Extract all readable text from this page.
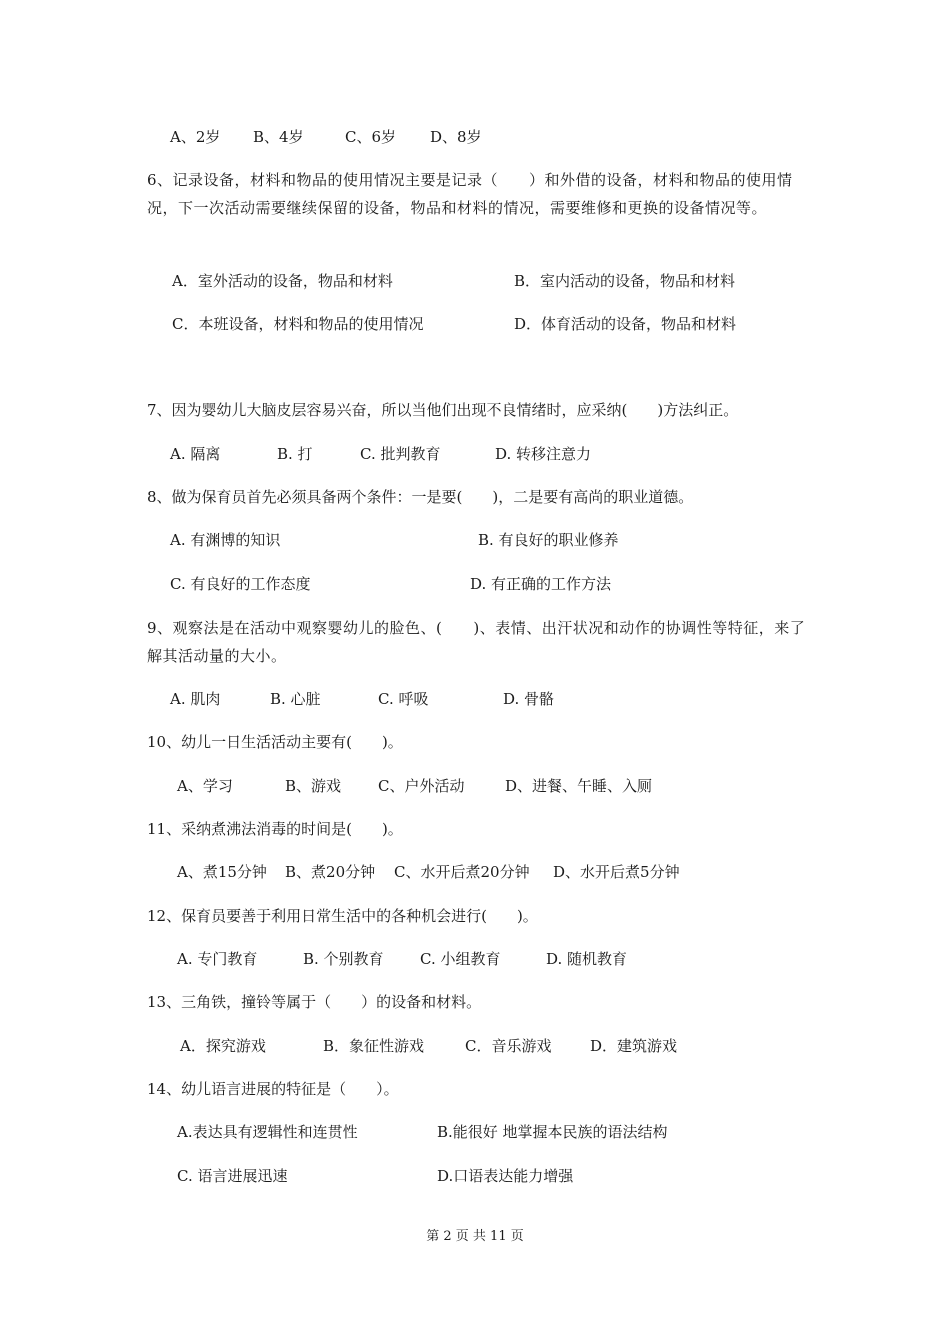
A、2岁 B、4岁	C、6岁 D、8岁
6、记录设备，材料和物品的使用情况主要是记录（　　）和外借的设备，材料和物品的使用情况，下一次活动需要继续保留的设备，物品和材料的情况，需要维修和更换的设备情况等。
A．室外活动的设备，物品和材料	B．室内活动的设备，物品和材料
C．本班设备，材料和物品的使用情况	D．体育活动的设备，物品和材料
7、因为婴幼儿大脑皮层容易兴奋，所以当他们出现不良情绪时，应采纳(　　)方法纠正。
A. 隔离	B. 打	C. 批判教育	D. 转移注意力
8、做为保育员首先必须具备两个条件：一是要(　　)，二是要有高尚的职业道德。
A. 有渊博的知识	B. 有良好的职业修养
C. 有良好的工作态度	D. 有正确的工作方法
9、观察法是在活动中观察婴幼儿的脸色、(　　)、表情、出汗状况和动作的协调性等特征，来了解其活动量的大小。
A. 肌肉	B. 心脏	C. 呼吸	D. 骨骼
10、幼儿一日生活活动主要有(　　)。
A、学习	B、游戏 C、户外活动	D、进餐、午睡、入厕
11、采纳煮沸法消毒的时间是(　　)。
A、煮15分钟 B、煮20分钟 C、水开后煮20分钟 D、水开后煮5分钟
12、保育员要善于利用日常生活中的各种机会进行(　　)。
A. 专门教育	B. 个别教育 C. 小组教育	D. 随机教育
13、三角铁，撞铃等属于（　　）的设备和材料。
A．探究游戏	B．象征性游戏	C．音乐游戏	D．建筑游戏
14、幼儿语言进展的特征是（　　）。
A.表达具有逻辑性和连贯性	B.能很好 地掌握本民族的语法结构
C. 语言进展迅速	D.口语表达能力增强
第 2 页 共 11 页
